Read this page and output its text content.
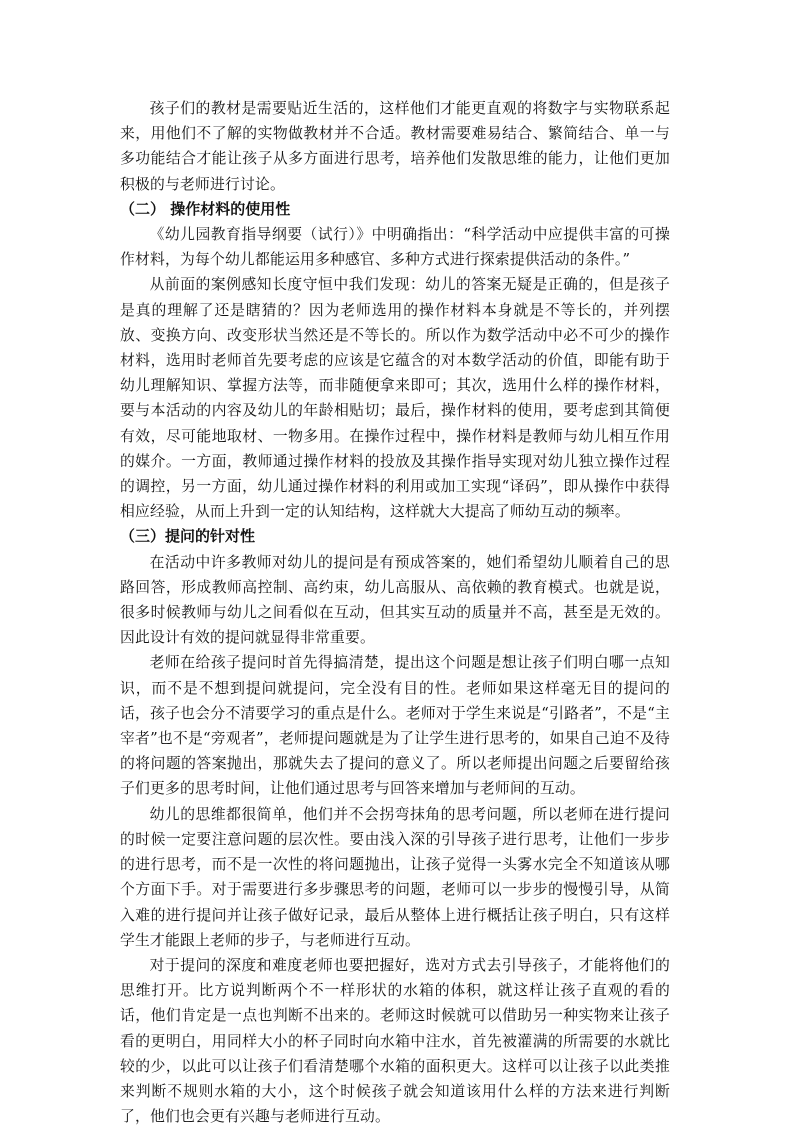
孩子们的教材是需要贴近生活的，这样他们才能更直观的将数字与实物联系起来，用他们不了解的实物做教材并不合适。教材需要难易结合、繁简结合、单一与多功能结合才能让孩子从多方面进行思考，培养他们发散思维的能力，让他们更加积极的与老师进行讨论。

（二） 操作材料的使用性

《幼儿园教育指导纲要（试行）》中明确指出：“科学活动中应提供丰富的可操作材料，为每个幼儿都能运用多种感官、多种方式进行探索提供活动的条件。”

从前面的案例感知长度守恒中我们发现：幼儿的答案无疑是正确的，但是孩子是真的理解了还是瞎猜的？因为老师选用的操作材料本身就是不等长的，并列摆放、变换方向、改变形状当然还是不等长的。所以作为数学活动中必不可少的操作材料，选用时老师首先要考虑的应该是它蕴含的对本数学活动的价值，即能有助于幼儿理解知识、掌握方法等，而非随便拿来即可；其次，选用什么样的操作材料，要与本活动的内容及幼儿的年龄相贴切；最后，操作材料的使用，要考虑到其简便有效，尽可能地取材、一物多用。在操作过程中，操作材料是教师与幼儿相互作用的媒介。一方面，教师通过操作材料的投放及其操作指导实现对幼儿独立操作过程的调控，另一方面，幼儿通过操作材料的利用或加工实现“译码”，即从操作中获得相应经验，从而上升到一定的认知结构，这样就大大提高了师幼互动的频率。

（三）提问的针对性

在活动中许多教师对幼儿的提问是有预成答案的，她们希望幼儿顺着自己的思路回答，形成教师高控制、高约束，幼儿高服从、高依赖的教育模式。也就是说，很多时候教师与幼儿之间看似在互动，但其实互动的质量并不高，甚至是无效的。因此设计有效的提问就显得非常重要。

老师在给孩子提问时首先得搞清楚，提出这个问题是想让孩子们明白哪一点知识，而不是不想到提问就提问，完全没有目的性。老师如果这样毫无目的提问的话，孩子也会分不清要学习的重点是什么。老师对于学生来说是“引路者”，不是“主宰者”也不是“旁观者”，老师提问题就是为了让学生进行思考的，如果自己迫不及待的将问题的答案抛出，那就失去了提问的意义了。所以老师提出问题之后要留给孩子们更多的思考时间，让他们通过思考与回答来增加与老师间的互动。

幼儿的思维都很简单，他们并不会拐弯抹角的思考问题，所以老师在进行提问的时候一定要注意问题的层次性。要由浅入深的引导孩子进行思考，让他们一步步的进行思考，而不是一次性的将问题抛出，让孩子觉得一头雾水完全不知道该从哪个方面下手。对于需要进行多步骤思考的问题，老师可以一步步的慢慢引导，从简入难的进行提问并让孩子做好记录，最后从整体上进行概括让孩子明白，只有这样学生才能跟上老师的步子，与老师进行互动。

对于提问的深度和难度老师也要把握好，选对方式去引导孩子，才能将他们的思维打开。比方说判断两个不一样形状的水箱的体积，就这样让孩子直观的看的话，他们肯定是一点也判断不出来的。老师这时候就可以借助另一种实物来让孩子看的更明白，用同样大小的杯子同时向水箱中注水，首先被灌满的所需要的水就比较的少，以此可以让孩子们看清楚哪个水箱的面积更大。这样可以让孩子以此类推来判断不规则水箱的大小，这个时候孩子就会知道该用什么样的方法来进行判断了，他们也会更有兴趣与老师进行互动。
